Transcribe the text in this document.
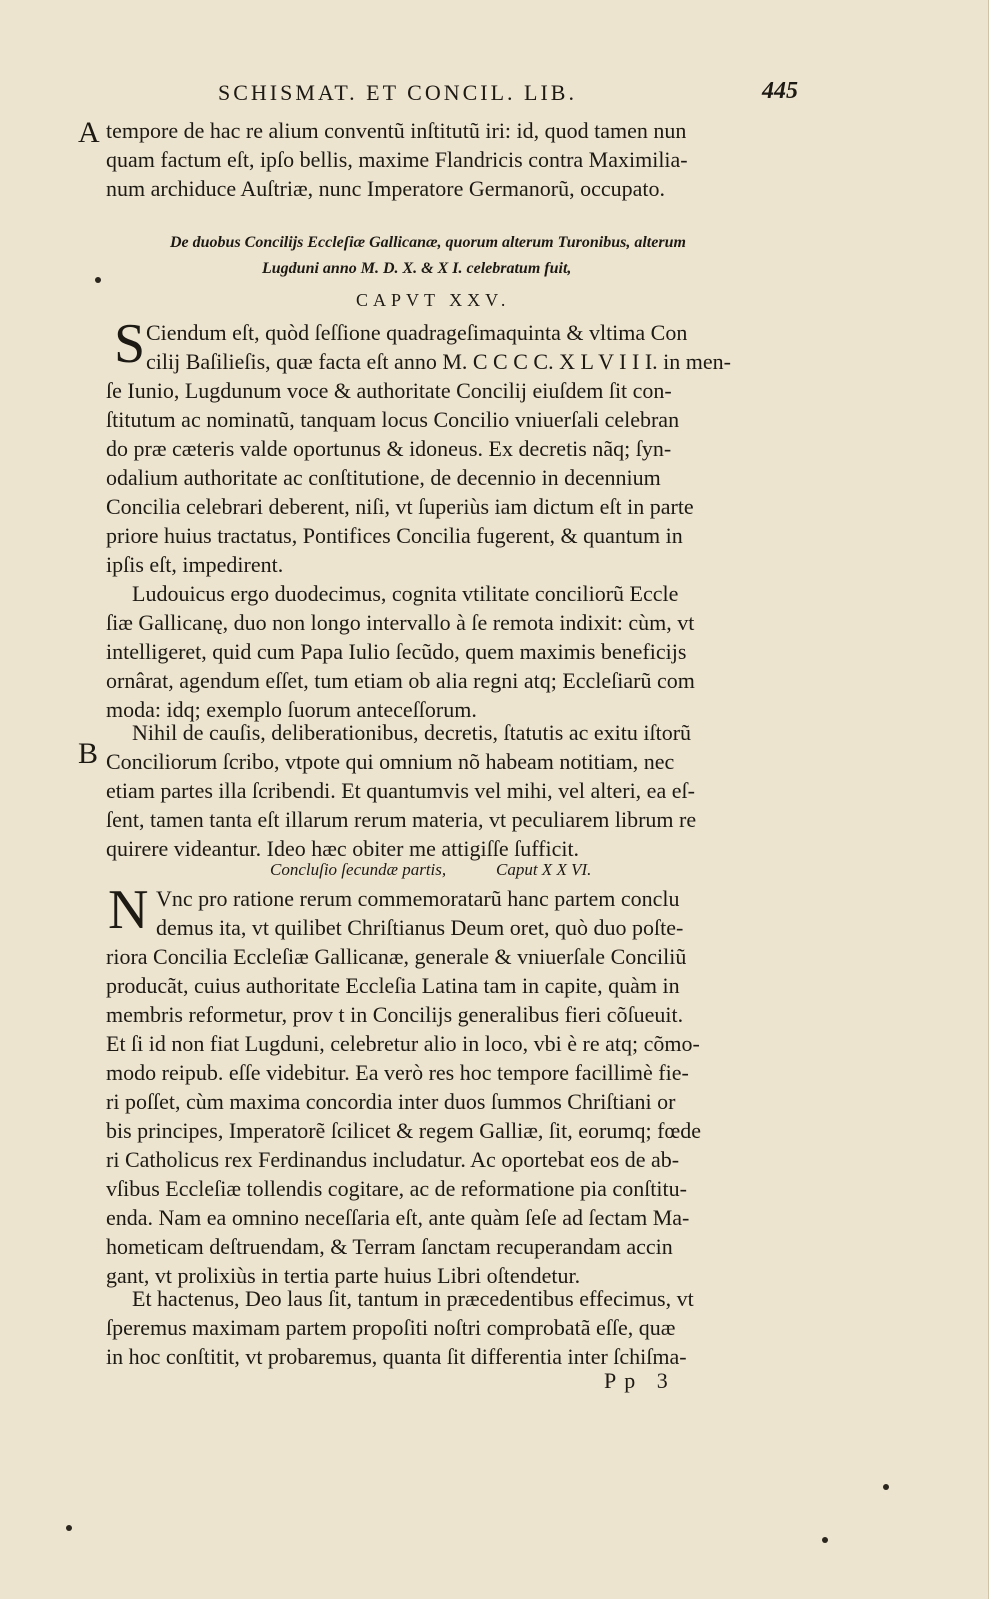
SCHISMAT. ET CONCIL. LIB.	445
A
B
tempore de hac re alium conventũ inſtitutũ iri: id, quod tamen nun
quam factum eſt, ipſo bellis, maxime Flandricis contra Maximilia-
num archiduce Auſtriæ, nunc Imperatore Germanorũ, occupato.
De duobus Concilijs Eccleſiæ Gallicanæ, quorum alterum Turonibus, alterum
Lugduni anno M. D. X. & X I. celebratum fuit,
CAPVT XXV.
S Ciendum eſt, quòd ſeſſione quadrageſimaquinta & vltima Con
cilij Baſilieſis, quæ facta eſt anno M. C C C C. X L V I I I. in men-
ſe Iunio, Lugdunum voce & authoritate Concilij eiuſdem ſit con-
ſtitutum ac nominatũ, tanquam locus Concilio vniuerſali celebran
do præ cæteris valde oportunus & idoneus. Ex decretis nãq; ſyn-
odalium authoritate ac conſtitutione, de decennio in decennium
Concilia celebrari deberent, niſi, vt ſuperiùs iam dictum eſt in parte
priore huius tractatus, Pontifices Concilia fugerent, & quantum in
ipſis eſt, impedirent.
Ludouicus ergo duodecimus, cognita vtilitate conciliorũ Eccle
ſiæ Gallicanę, duo non longo intervallo à ſe remota indixit: cùm, vt
intelligeret, quid cum Papa Iulio ſecũdo, quem maximis beneficijs
ornârat, agendum eſſet, tum etiam ob alia regni atq; Eccleſiarũ com
moda: idq; exemplo ſuorum anteceſſorum.
Nihil de cauſis, deliberationibus, decretis, ſtatutis ac exitu iſtorũ
Conciliorum ſcribo, vtpote qui omnium nõ habeam notitiam, nec
etiam partes illa ſcribendi. Et quantumvis vel mihi, vel alteri, ea eſ-
ſent, tamen tanta eſt illarum rerum materia, vt peculiarem librum re
quirere videantur. Ideo hæc obiter me attigiſſe ſufficit.
Concluſio ſecundæ partis,	Caput X X VI.
N Vnc pro ratione rerum commemoratarũ hanc partem conclu
demus ita, vt quilibet Chriſtianus Deum oret, quò duo poſte-
riora Concilia Eccleſiæ Gallicanæ, generale & vniuerſale Conciliũ
producãt, cuius authoritate Eccleſia Latina tam in capite, quàm in
membris reformetur, prov t in Concilijs generalibus fieri cõſueuit.
Et ſi id non fiat Lugduni, celebretur alio in loco, vbi è re atq; cõmo-
modo reipub. eſſe videbitur. Ea verò res hoc tempore facillimè fie-
ri poſſet, cùm maxima concordia inter duos ſummos Chriſtiani or
bis principes, Imperatorẽ ſcilicet & regem Galliæ, ſit, eorumq; fœde
ri Catholicus rex Ferdinandus includatur. Ac oportebat eos de ab-
vſibus Eccleſiæ tollendis cogitare, ac de reformatione pia conſtitu-
enda. Nam ea omnino neceſſaria eſt, ante quàm ſeſe ad ſectam Ma-
hometicam deſtruendam, & Terram ſanctam recuperandam accin
gant, vt prolixiùs in tertia parte huius Libri oſtendetur.
Et hactenus, Deo laus ſit, tantum in præcedentibus effecimus, vt
ſperemus maximam partem propoſiti noſtri comprobatã eſſe, quæ
in hoc conſtitit, vt probaremus, quanta ſit differentia inter ſchiſma-
Pp 3
